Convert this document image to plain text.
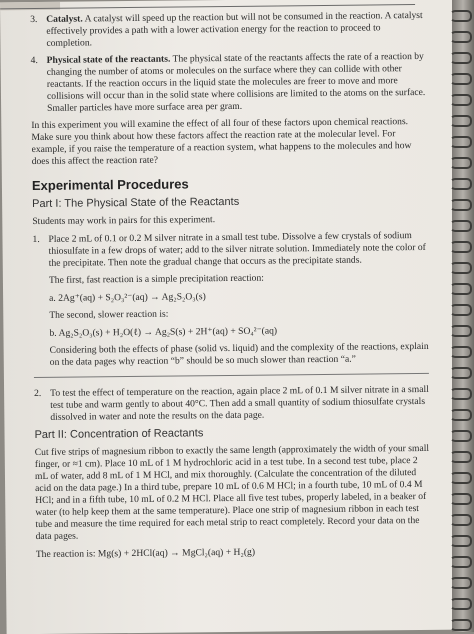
3. Catalyst. A catalyst will speed up the reaction but will not be consumed in the reaction. A catalyst effectively provides a path with a lower activation energy for the reaction to proceed to completion.
4. Physical state of the reactants. The physical state of the reactants affects the rate of a reaction by changing the number of atoms or molecules on the surface where they can collide with other reactants. If the reaction occurs in the liquid state the molecules are freer to move and more collisions will occur than in the solid state where collisions are limited to the atoms on the surface. Smaller particles have more surface area per gram.

In this experiment you will examine the effect of all four of these factors upon chemical reactions. Make sure you think about how these factors affect the reaction rate at the molecular level. For example, if you raise the temperature of a reaction system, what happens to the molecules and how does this affect the reaction rate?

Experimental Procedures
Part I: The Physical State of the Reactants

Students may work in pairs for this experiment.

1. Place 2 mL of 0.1 or 0.2 M silver nitrate in a small test tube. Dissolve a few crystals of sodium thiosulfate in a few drops of water; add to the silver nitrate solution. Immediately note the color of the precipitate. Then note the gradual change that occurs as the precipitate stands.

The first, fast reaction is a simple precipitation reaction:

a. 2Ag⁺(aq) + S₂O₃²⁻(aq) → Ag₂S₂O₃(s)

The second, slower reaction is:

b. Ag₂S₂O₃(s) + H₂O(ℓ) → Ag₂S(s) + 2H⁺(aq) + SO₄²⁻(aq)

Considering both the effects of phase (solid vs. liquid) and the complexity of the reactions, explain on the data pages why reaction “b” should be so much slower than reaction “a.”

2. To test the effect of temperature on the reaction, again place 2 mL of 0.1 M silver nitrate in a small test tube and warm gently to about 40°C. Then add a small quantity of sodium thiosulfate crystals dissolved in water and note the results on the data page.
Part II: Concentration of Reactants

Cut five strips of magnesium ribbon to exactly the same length (approximately the width of your small finger, or ≈1 cm). Place 10 mL of 1 M hydrochloric acid in a test tube. In a second test tube, place 2 mL of water, add 8 mL of 1 M HCl, and mix thoroughly. (Calculate the concentration of the diluted acid on the data page.) In a third tube, prepare 10 mL of 0.6 M HCl; in a fourth tube, 10 mL of 0.4 M HCl; and in a fifth tube, 10 mL of 0.2 M HCl. Place all five test tubes, properly labeled, in a beaker of water (to help keep them at the same temperature). Place one strip of magnesium ribbon in each test tube and measure the time required for each metal strip to react completely. Record your data on the data pages.

The reaction is: Mg(s) + 2HCl(aq) → MgCl₂(aq) + H₂(g)
